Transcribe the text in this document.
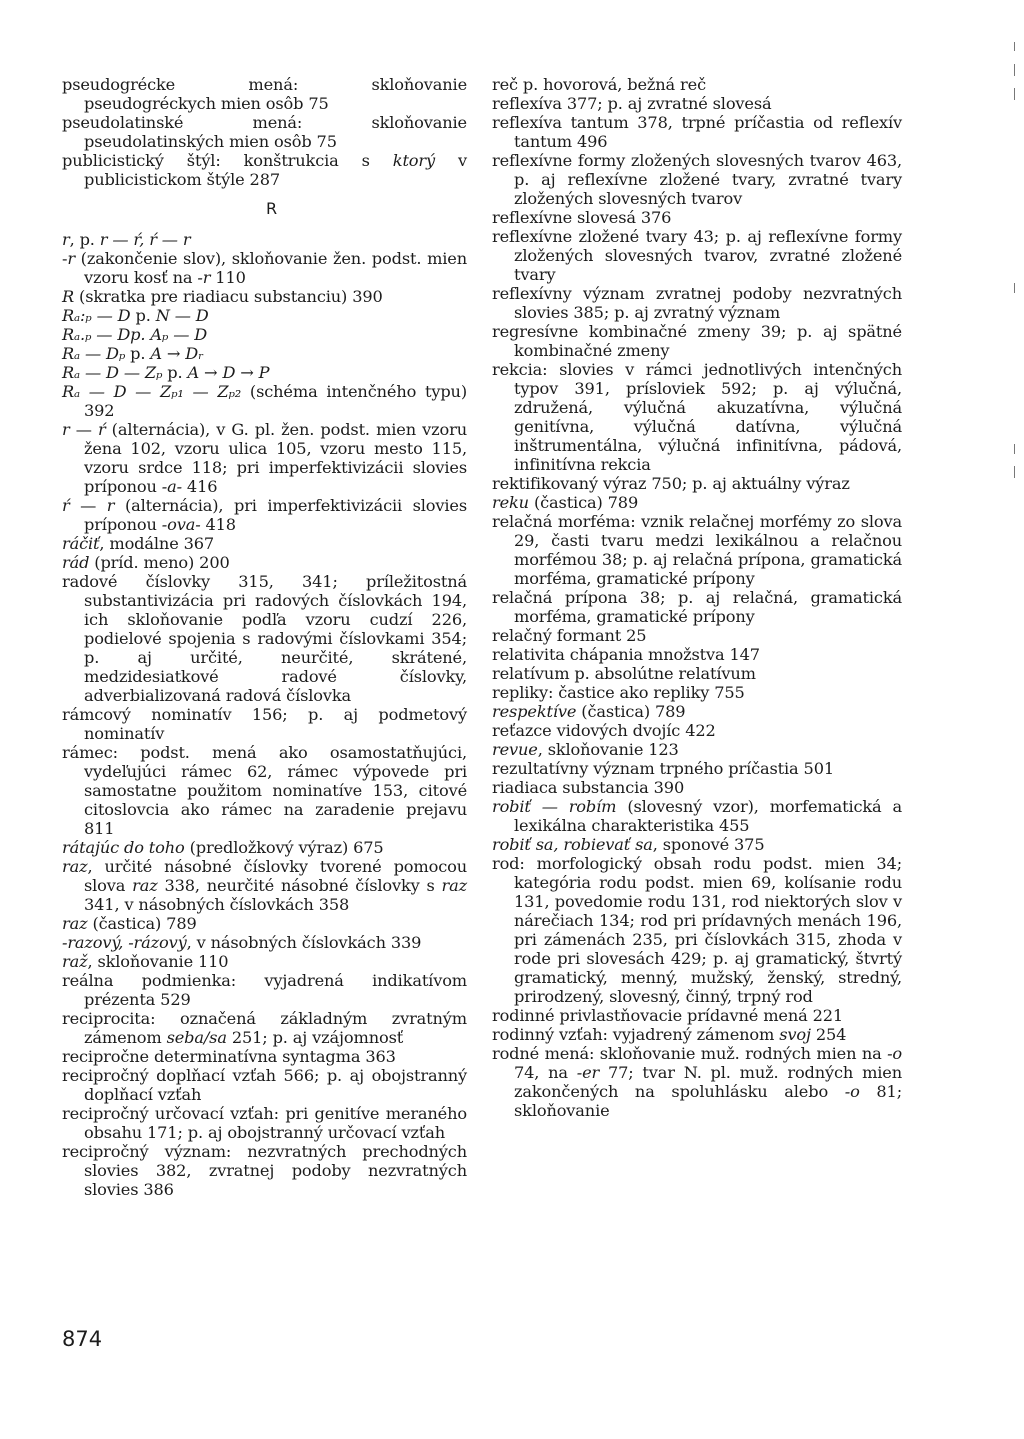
pseudogrécke mená: skloňovanie pseudogréckych mien osôb 75

pseudolatinské mená: skloňovanie pseudolatinských mien osôb 75

publicistický štýl: konštrukcia s ktorý v publicistickom štýle 287

R

r, p. r — ŕ, ŕ — r

-r (zakončenie slov), skloňovanie žen. podst. mien vzoru kosť na -r 110

R (skratka pre riadiacu substanciu) 390

Rₐ:ₚ — D p. N — D

Rₐ.ₚ — Dp. Aₚ — D

Rₐ — Dₚ p. A → Dᵣ

Rₐ — D — Zₚ p. A → D → P

Rₐ — D — Zₚ₁ — Zₚ₂ (schéma intenčného typu) 392

r — ŕ (alternácia), v G. pl. žen. podst. mien vzoru žena 102, vzoru ulica 105, vzoru mesto 115, vzoru srdce 118; pri imperfektivizácii slovies príponou -a- 416

ŕ — r (alternácia), pri imperfektivizácii slovies príponou -ova- 418

ráčiť, modálne 367

rád (príd. meno) 200

radové číslovky 315, 341; príležitostná substantivizácia pri radových číslovkách 194, ich skloňovanie podľa vzoru cudzí 226, podielové spojenia s radovými číslovkami 354; p. aj určité, neurčité, skrátené, medzidesiatkové radové číslovky, adverbializovaná radová číslovka

rámcový nominatív 156; p. aj podmetový nominatív

rámec: podst. mená ako osamostatňujúci, vydeľujúci rámec 62, rámec výpovede pri samostatne použitom nominatíve 153, citové citoslovcia ako rámec na zaradenie prejavu 811

rátajúc do toho (predložkový výraz) 675

raz, určité násobné číslovky tvorené pomocou slova raz 338, neurčité násobné číslovky s raz 341, v násobných číslovkách 358

raz (častica) 789

-razový, -rázový, v násobných číslovkách 339

raž, skloňovanie 110

reálna podmienka: vyjadrená indikatívom prézenta 529

reciprocita: označená základným zvratným zámenom seba/sa 251; p. aj vzájomnosť

recipročne determinatívna syntagma 363

recipročný doplňací vzťah 566; p. aj obojstranný doplňací vzťah

recipročný určovací vzťah: pri genitíve meraného obsahu 171; p. aj obojstranný určovací vzťah

recipročný význam: nezvratných prechodných slovies 382, zvratnej podoby nezvratných slovies 386

reč p. hovorová, bežná reč

reflexíva 377; p. aj zvratné slovesá

reflexíva tantum 378, trpné príčastia od reflexív tantum 496

reflexívne formy zložených slovesných tvarov 463, p. aj reflexívne zložené tvary, zvratné tvary zložených slovesných tvarov

reflexívne slovesá 376

reflexívne zložené tvary 43; p. aj reflexívne formy zložených slovesných tvarov, zvratné zložené tvary

reflexívny význam zvratnej podoby nezvratných slovies 385; p. aj zvratný význam

regresívne kombinačné zmeny 39; p. aj spätné kombinačné zmeny

rekcia: slovies v rámci jednotlivých intenčných typov 391, prísloviek 592; p. aj výlučná, združená, výlučná akuzatívna, výlučná genitívna, výlučná datívna, výlučná inštrumentálna, výlučná infinitívna, pádová, infinitívna rekcia

rektifikovaný výraz 750; p. aj aktuálny výraz

reku (častica) 789

relačná morféma: vznik relačnej morfémy zo slova 29, časti tvaru medzi lexikálnou a relačnou morfémou 38; p. aj relačná prípona, gramatická morféma, gramatické prípony

relačná prípona 38; p. aj relačná, gramatická morféma, gramatické prípony

relačný formant 25

relativita chápania množstva 147

relatívum p. absolútne relatívum

repliky: častice ako repliky 755

respektíve (častica) 789

reťazce vidových dvojíc 422

revue, skloňovanie 123

rezultatívny význam trpného príčastia 501

riadiaca substancia 390

robiť — robím (slovesný vzor), morfematická a lexikálna charakteristika 455

robiť sa, robievať sa, sponové 375

rod: morfologický obsah rodu podst. mien 34; kategória rodu podst. mien 69, kolísanie rodu 131, povedomie rodu 131, rod niektorých slov v nárečiach 134; rod pri prídavných menách 196, pri zámenách 235, pri číslovkách 315, zhoda v rode pri slovesách 429; p. aj gramatický, štvrtý gramatický, menný, mužský, ženský, stredný, prirodzený, slovesný, činný, trpný rod

rodinné privlastňovacie prídavné mená 221

rodinný vzťah: vyjadrený zámenom svoj 254

rodné mená: skloňovanie muž. rodných mien na -o 74, na -er 77; tvar N. pl. muž. rodných mien zakončených na spoluhlásku alebo -o 81; skloňovanie

874
